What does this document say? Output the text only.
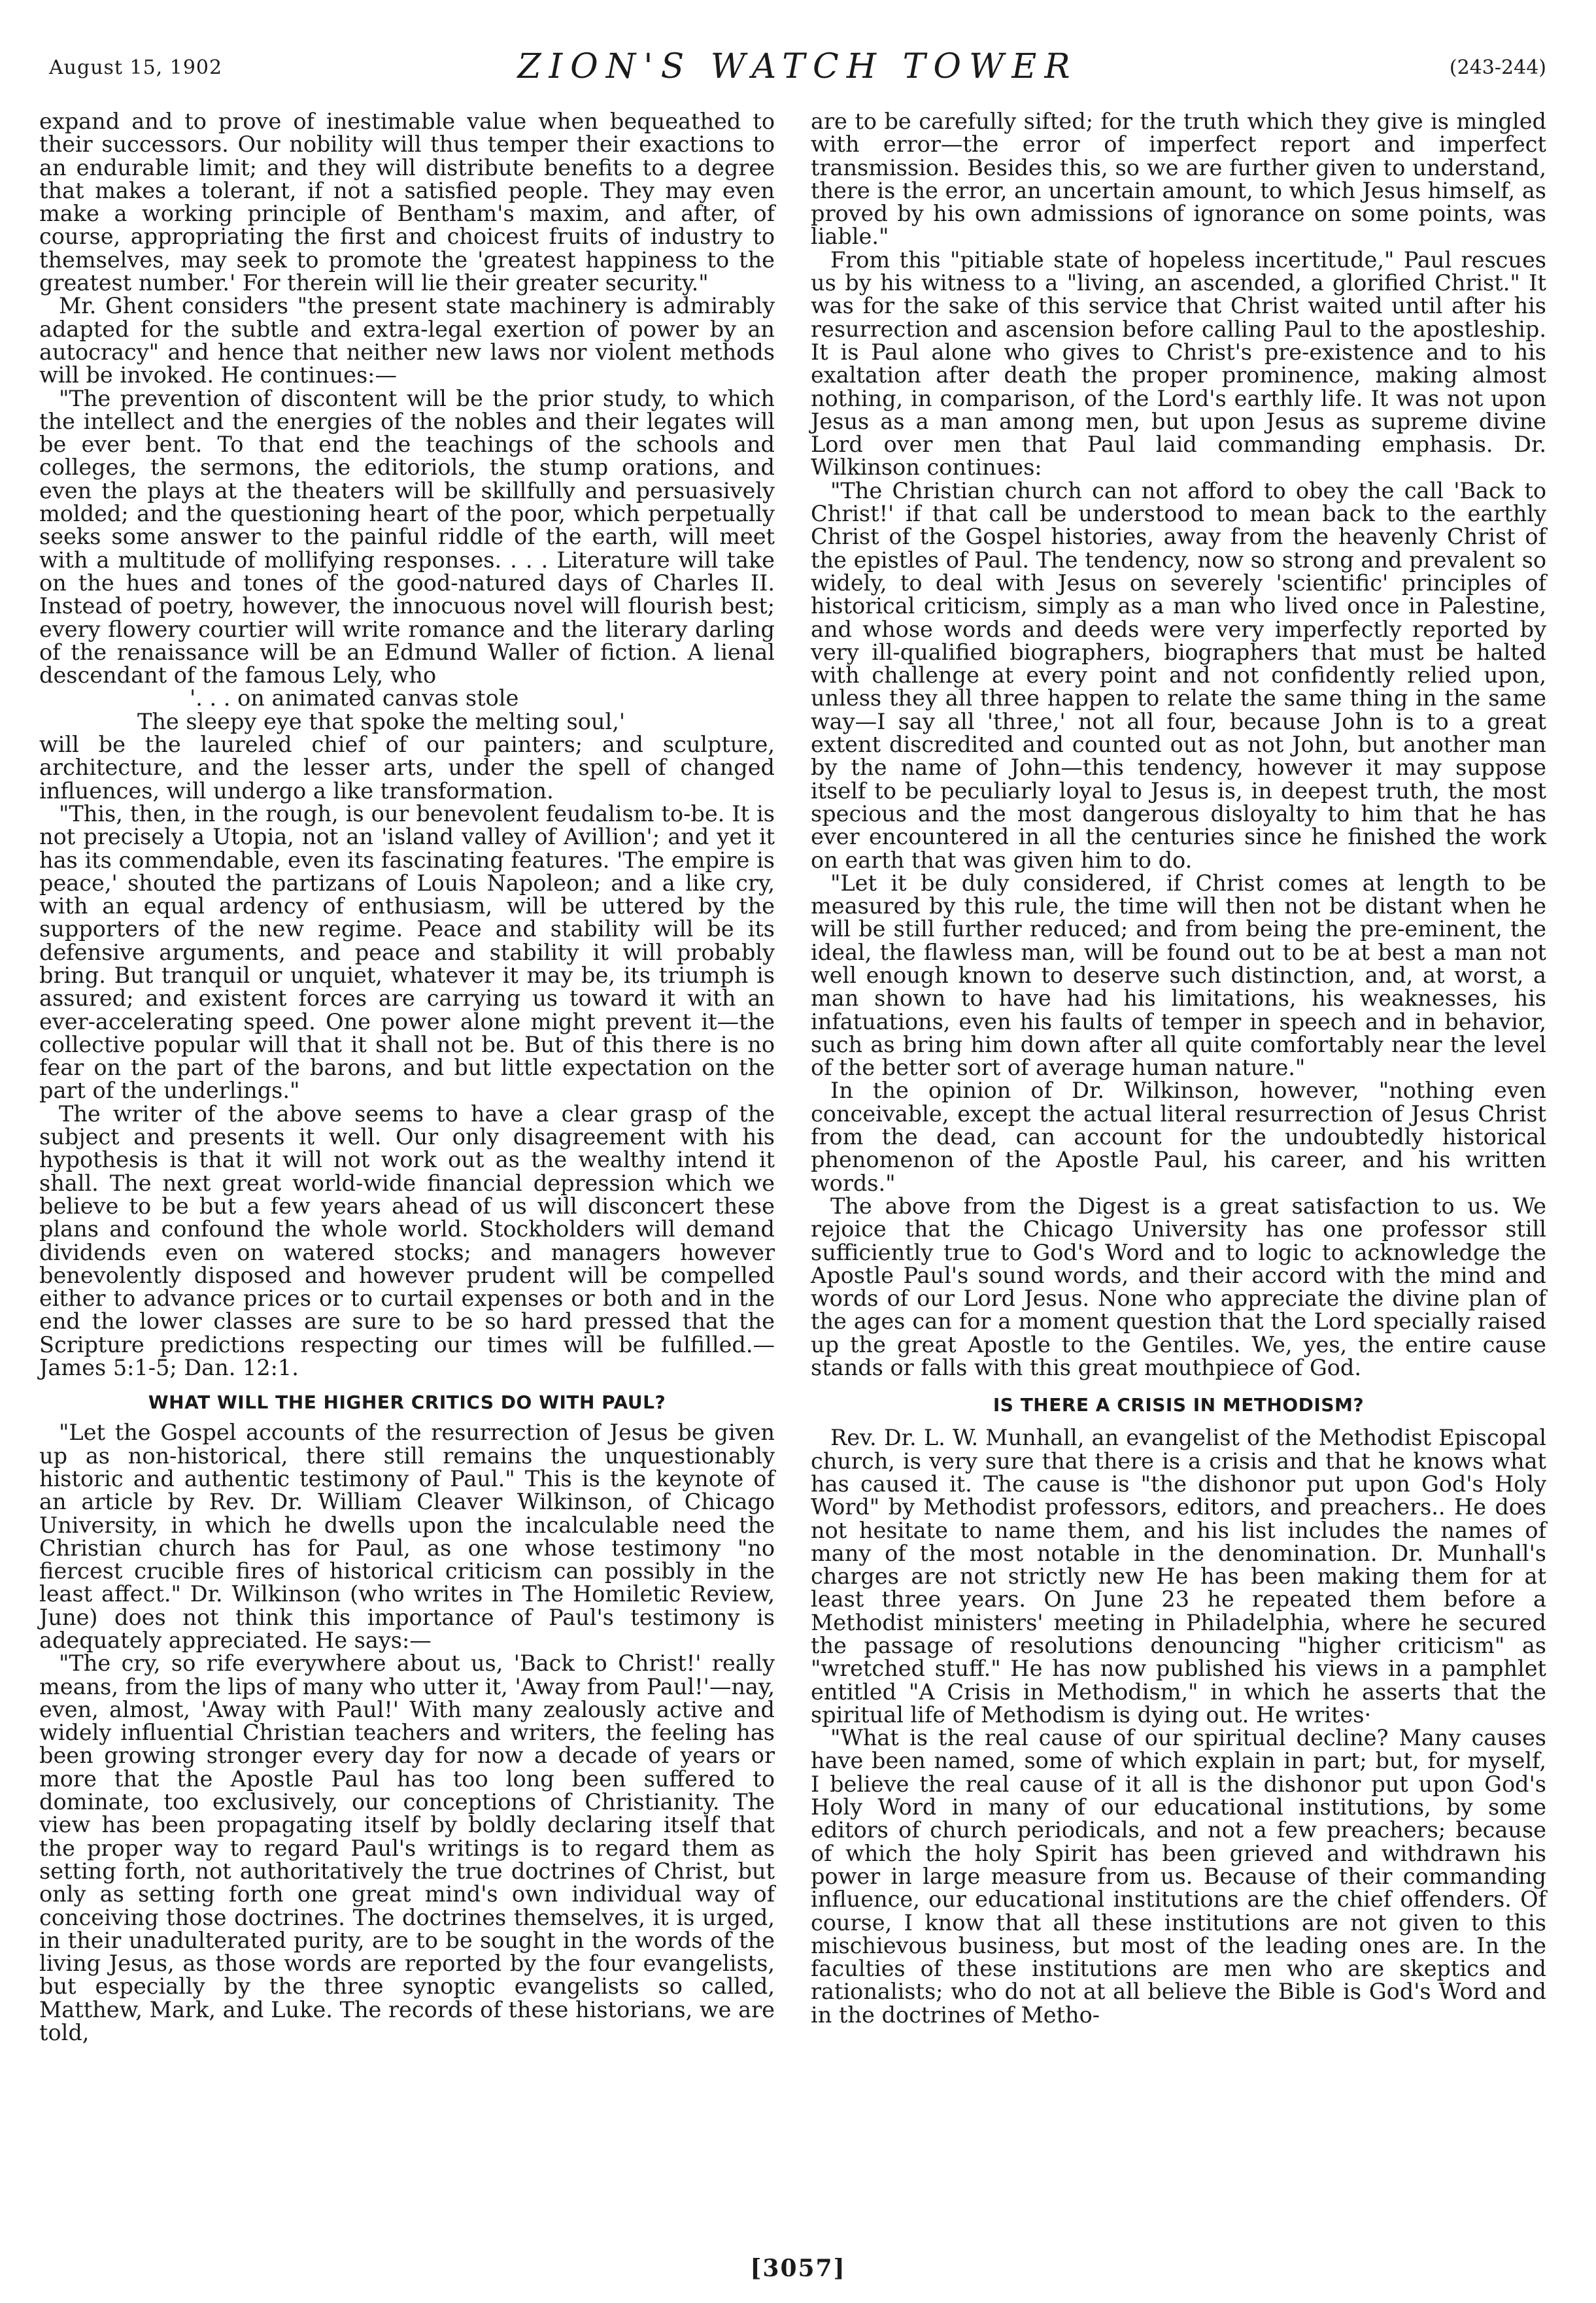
August 15, 1902	ZION'S WATCH TOWER	(243-244)

expand and to prove of inestimable value when bequeathed to their successors. Our nobility will thus temper their exactions to an endurable limit; and they will distribute benefits to a degree that makes a tolerant, if not a satisfied people. They may even make a working principle of Bentham's maxim, and after, of course, appropriating the first and choicest fruits of industry to themselves, may seek to promote the 'greatest happiness to the greatest number.' For therein will lie their greater security."

Mr. Ghent considers "the present state machinery is admirably adapted for the subtle and extra-legal exertion of power by an autocracy" and hence that neither new laws nor violent methods will be invoked. He continues:—

"The prevention of discontent will be the prior study, to which the intellect and the energies of the nobles and their legates will be ever bent. To that end the teachings of the schools and colleges, the sermons, the editoriols, the stump orations, and even the plays at the theaters will be skillfully and persuasively molded; and the questioning heart of the poor, which perpetually seeks some answer to the painful riddle of the earth, will meet with a multitude of mollifying responses. . . . Literature will take on the hues and tones of the good-natured days of Charles II. Instead of poetry, however, the innocuous novel will flourish best; every flowery courtier will write romance and the literary darling of the renaissance will be an Edmund Waller of fiction. A lienal descendant of the famous Lely, who

'. . . on animated canvas stole
The sleepy eye that spoke the melting soul,'

will be the laureled chief of our painters; and sculpture, architecture, and the lesser arts, under the spell of changed influences, will undergo a like transformation.

"This, then, in the rough, is our benevolent feudalism to-be. It is not precisely a Utopia, not an 'island valley of Avillion'; and yet it has its commendable, even its fascinating features. 'The empire is peace,' shouted the partizans of Louis Napoleon; and a like cry, with an equal ardency of enthusiasm, will be uttered by the supporters of the new regime. Peace and stability will be its defensive arguments, and peace and stability it will probably bring. But tranquil or unquiet, whatever it may be, its triumph is assured; and existent forces are carrying us toward it with an ever-accelerating speed. One power alone might prevent it—the collective popular will that it shall not be. But of this there is no fear on the part of the barons, and but little expectation on the part of the underlings."

The writer of the above seems to have a clear grasp of the subject and presents it well. Our only disagreement with his hypothesis is that it will not work out as the wealthy intend it shall. The next great world-wide financial depression which we believe to be but a few years ahead of us will disconcert these plans and confound the whole world. Stockholders will demand dividends even on watered stocks; and managers however benevolently disposed and however prudent will be compelled either to advance prices or to curtail expenses or both and in the end the lower classes are sure to be so hard pressed that the Scripture predictions respecting our times will be fulfilled.—James 5:1-5; Dan. 12:1.

WHAT WILL THE HIGHER CRITICS DO WITH PAUL?

"Let the Gospel accounts of the resurrection of Jesus be given up as non-historical, there still remains the unquestionably historic and authentic testimony of Paul." This is the keynote of an article by Rev. Dr. William Cleaver Wilkinson, of Chicago University, in which he dwells upon the incalculable need the Christian church has for Paul, as one whose testimony "no fiercest crucible fires of historical criticism can possibly in the least affect." Dr. Wilkinson (who writes in The Homiletic Review, June) does not think this importance of Paul's testimony is adequately appreciated. He says:—

"The cry, so rife everywhere about us, 'Back to Christ!' really means, from the lips of many who utter it, 'Away from Paul!'—nay, even, almost, 'Away with Paul!' With many zealously active and widely influential Christian teachers and writers, the feeling has been growing stronger every day for now a decade of years or more that the Apostle Paul has too long been suffered to dominate, too exclusively, our conceptions of Christianity. The view has been propagating itself by boldly declaring itself that the proper way to regard Paul's writings is to regard them as setting forth, not authoritatively the true doctrines of Christ, but only as setting forth one great mind's own individual way of conceiving those doctrines. The doctrines themselves, it is urged, in their unadulterated purity, are to be sought in the words of the living Jesus, as those words are reported by the four evangelists, but especially by the three synoptic evangelists so called, Matthew, Mark, and Luke. The records of these historians, we are told,

are to be carefully sifted; for the truth which they give is mingled with error—the error of imperfect report and imperfect transmission. Besides this, so we are further given to understand, there is the error, an uncertain amount, to which Jesus himself, as proved by his own admissions of ignorance on some points, was liable."

From this "pitiable state of hopeless incertitude," Paul rescues us by his witness to a "living, an ascended, a glorified Christ." It was for the sake of this service that Christ waited until after his resurrection and ascension before calling Paul to the apostleship. It is Paul alone who gives to Christ's pre-existence and to his exaltation after death the proper prominence, making almost nothing, in comparison, of the Lord's earthly life. It was not upon Jesus as a man among men, but upon Jesus as supreme divine Lord over men that Paul laid commanding emphasis. Dr. Wilkinson continues:

"The Christian church can not afford to obey the call 'Back to Christ!' if that call be understood to mean back to the earthly Christ of the Gospel histories, away from the heavenly Christ of the epistles of Paul. The tendency, now so strong and prevalent so widely, to deal with Jesus on severely 'scientific' principles of historical criticism, simply as a man who lived once in Palestine, and whose words and deeds were very imperfectly reported by very ill-qualified biographers, biographers that must be halted with challenge at every point and not confidently relied upon, unless they all three happen to relate the same thing in the same way—I say all 'three,' not all four, because John is to a great extent discredited and counted out as not John, but another man by the name of John—this tendency, however it may suppose itself to be peculiarly loyal to Jesus is, in deepest truth, the most specious and the most dangerous disloyalty to him that he has ever encountered in all the centuries since he finished the work on earth that was given him to do.

"Let it be duly considered, if Christ comes at length to be measured by this rule, the time will then not be distant when he will be still further reduced; and from being the pre-eminent, the ideal, the flawless man, will be found out to be at best a man not well enough known to deserve such distinction, and, at worst, a man shown to have had his limitations, his weaknesses, his infatuations, even his faults of temper in speech and in behavior, such as bring him down after all quite comfortably near the level of the better sort of average human nature."

In the opinion of Dr. Wilkinson, however, "nothing even conceivable, except the actual literal resurrection of Jesus Christ from the dead, can account for the undoubtedly historical phenomenon of the Apostle Paul, his career, and his written words."

The above from the Digest is a great satisfaction to us. We rejoice that the Chicago University has one professor still sufficiently true to God's Word and to logic to acknowledge the Apostle Paul's sound words, and their accord with the mind and words of our Lord Jesus. None who appreciate the divine plan of the ages can for a moment question that the Lord specially raised up the great Apostle to the Gentiles. We, yes, the entire cause stands or falls with this great mouthpiece of God.

IS THERE A CRISIS IN METHODISM?

Rev. Dr. L. W. Munhall, an evangelist of the Methodist Episcopal church, is very sure that there is a crisis and that he knows what has caused it. The cause is "the dishonor put upon God's Holy Word" by Methodist professors, editors, and preachers.. He does not hesitate to name them, and his list includes the names of many of the most notable in the denomination. Dr. Munhall's charges are not strictly new He has been making them for at least three years. On June 23 he repeated them before a Methodist ministers' meeting in Philadelphia, where he secured the passage of resolutions denouncing "higher criticism" as "wretched stuff." He has now published his views in a pamphlet entitled "A Crisis in Methodism," in which he asserts that the spiritual life of Methodism is dying out. He writes·

"What is the real cause of our spiritual decline? Many causes have been named, some of which explain in part; but, for myself, I believe the real cause of it all is the dishonor put upon God's Holy Word in many of our educational institutions, by some editors of church periodicals, and not a few preachers; because of which the holy Spirit has been grieved and withdrawn his power in large measure from us. Because of their commanding influence, our educational institutions are the chief offenders. Of course, I know that all these institutions are not given to this mischievous business, but most of the leading ones are. In the faculties of these institutions are men who are skeptics and rationalists; who do not at all believe the Bible is God's Word and in the doctrines of Metho-

[3057]
